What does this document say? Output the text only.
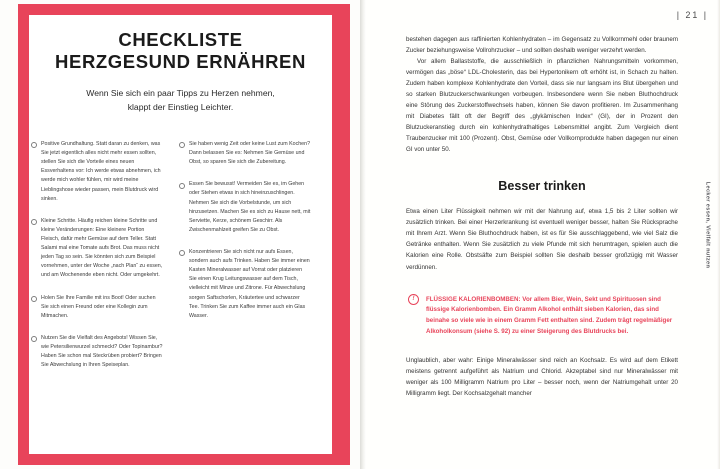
CHECKLISTE
HERZGESUND ERNÄHREN
Wenn Sie sich ein paar Tipps zu Herzen nehmen, klappt der Einstieg Leichter.
Positive Grundhaltung. Statt daran zu denken, was Sie jetzt eigentlich alles nicht mehr essen sollten, stellen Sie sich die Vorteile eines neuen Essverhaltens vor: Ich werde etwas abnehmen, ich werde mich wohler fühlen, mir wird meine Lieblingshose wieder passen, mein Blutdruck wird sinken.
Kleine Schritte. Häufig reichen kleine Schritte und kleine Veränderungen: Eine kleinere Portion Fleisch, dafür mehr Gemüse auf dem Teller. Statt Salami mal eine Tomate aufs Brot. Das muss nicht jeden Tag so sein. Sie könnten sich zum Beispiel vornehmen, unter der Woche „nach Plan“ zu essen, und am Wochenende eben nicht. Oder umgekehrt.
Holen Sie Ihre Familie mit ins Boot! Oder suchen Sie sich einen Freund oder eine Kollegin zum Mitmachen.
Nutzen Sie die Vielfalt des Angebots! Wissen Sie, wie Petersilienwurzel schmeckt? Oder Topinambur? Haben Sie schon mal Steckrüben probiert? Bringen Sie Abwechslung in Ihren Speiseplan.
Sie haben wenig Zeit oder keine Lust zum Kochen? Dann belassen Sie es: Nehmen Sie Gemüse und Obst, so sparen Sie sich die Zubereitung.
Essen Sie bewusst! Vermeiden Sie es, im Gehen oder Stehen etwas in sich hineinzuschlingen. Nehmen Sie sich die Vorbelstunde, um sich hinzusetzen. Machen Sie es sich zu Hause nett, mit Serviette, Kerze, schönem Geschirr. Als Zwischenmahlzeit greifen Sie zu Obst.
Konzentrieren Sie sich nicht nur aufs Essen, sondern auch aufs Trinken. Haben Sie immer einen Kasten Mineralwasser auf Vorrat oder platzieren Sie einen Krug Leitungswasser auf dem Tisch, vielleicht mit Minze und Zitrone. Für Abwechslung sorgen Saftschorlen, Kräutertee und schwarzer Tee. Trinken Sie zum Kaffee immer auch ein Glas Wasser.
| 21 |

bestehen dagegen aus raffinierten Kohlenhydraten – im Gegensatz zu Vollkornmehl oder braunem Zucker beziehungsweise Vollrohrzucker – und sollten deshalb weniger verzehrt werden.

Vor allem Ballaststoffe, die ausschließlich in pflanzlichen Nahrungsmitteln vorkommen, vermögen das „böse“ LDL-Cholesterin, das bei Hypertonikern oft erhöht ist, in Schach zu halten. Zudem haben komplexe Kohlenhydrate den Vorteil, dass sie nur langsam ins Blut übergehen und so starken Blutzuckerschwankungen vorbeugen. Insbesondere wenn Sie neben Bluthochdruck eine Störung des Zuckerstoffwechsels haben, können Sie davon profitieren. Im Zusammenhang mit Diabetes fällt oft der Begriff des „glykämischen Index“ (GI), der in Prozent den Blutzuckeranstieg durch ein kohlenhydrathaltiges Lebensmittel angibt. Zum Vergleich dient Traubenzucker mit 100 (Prozent). Obst, Gemüse oder Vollkornprodukte haben dagegen nur einen GI von unter 50.

Besser trinken

Etwa einen Liter Flüssigkeit nehmen wir mit der Nahrung auf, etwa 1,5 bis 2 Liter sollten wir zusätzlich trinken. Bei einer Herzerkrankung ist eventuell weniger besser, halten Sie Rücksprache mit Ihrem Arzt. Wenn Sie Bluthochdruck haben, ist es für Sie ausschlaggebend, wie viel Salz die Getränke enthalten. Wenn Sie zusätzlich zu viele Pfunde mit sich herumtragen, spielen auch die Kalorien eine Rolle. Obstsäfte zum Beispiel sollten Sie deshalb besser großzügig mit Wasser verdünnen.

!	FLÜSSIGE KALORIENBOMBEN: Vor allem Bier, Wein, Sekt und Spirituosen sind flüssige Kalorienbomben. Ein Gramm Alkohol enthält sieben Kalorien, das sind beinahe so viele wie in einem Gramm Fett enthalten sind. Zudem trägt regelmäßiger Alkoholkonsum (siehe S. 92) zu einer Steigerung des Blutdrucks bei.

Unglaublich, aber wahr: Einige Mineralwässer sind reich an Kochsalz. Es wird auf dem Etikett meistens getrennt aufgeführt als Natrium und Chlorid. Akzeptabel sind nur Mineralwässer mit weniger als 100 Milligramm Natrium pro Liter – besser noch, wenn der Natriumgehalt unter 20 Milligramm liegt. Der Kochsalzgehalt mancher

Lecker essen, Vielfalt nutzen
